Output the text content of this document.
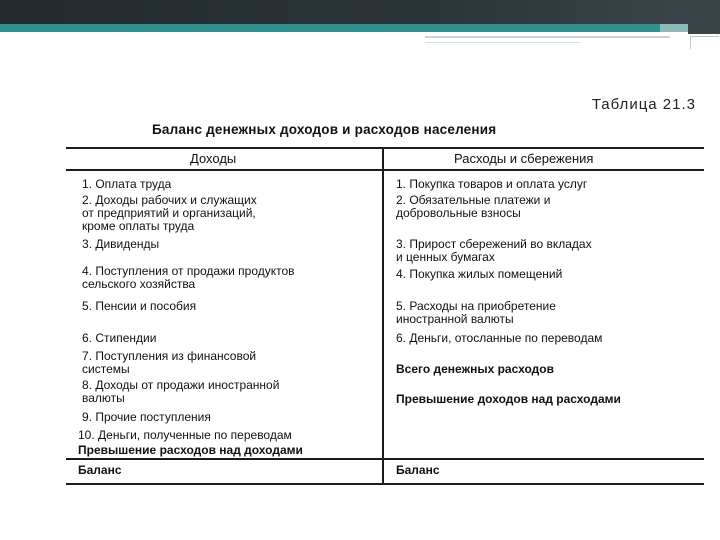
Таблица 21.3
Баланс денежных доходов и расходов населения
Доходы	Расходы и сбережения
1. Оплата труда
2. Доходы рабочих и служащих
от предприятий и организаций,
кроме оплаты труда
3. Дивиденды
4. Поступления от продажи продуктов
сельского хозяйства
5. Пенсии и пособия
6. Стипендии
7. Поступления из финансовой
системы
8. Доходы от продажи иностранной
валюты
9. Прочие поступления
10. Деньги, полученные по переводам
Превышение расходов над доходами
Баланс
1. Покупка товаров и оплата услуг
2. Обязательные платежи и
добровольные взносы
3. Прирост сбережений во вкладах
и ценных бумагах
4. Покупка жилых помещений
5. Расходы на приобретение
иностранной валюты
6. Деньги, отосланные по переводам
Всего денежных расходов
Превышение доходов над расходами
Баланс
